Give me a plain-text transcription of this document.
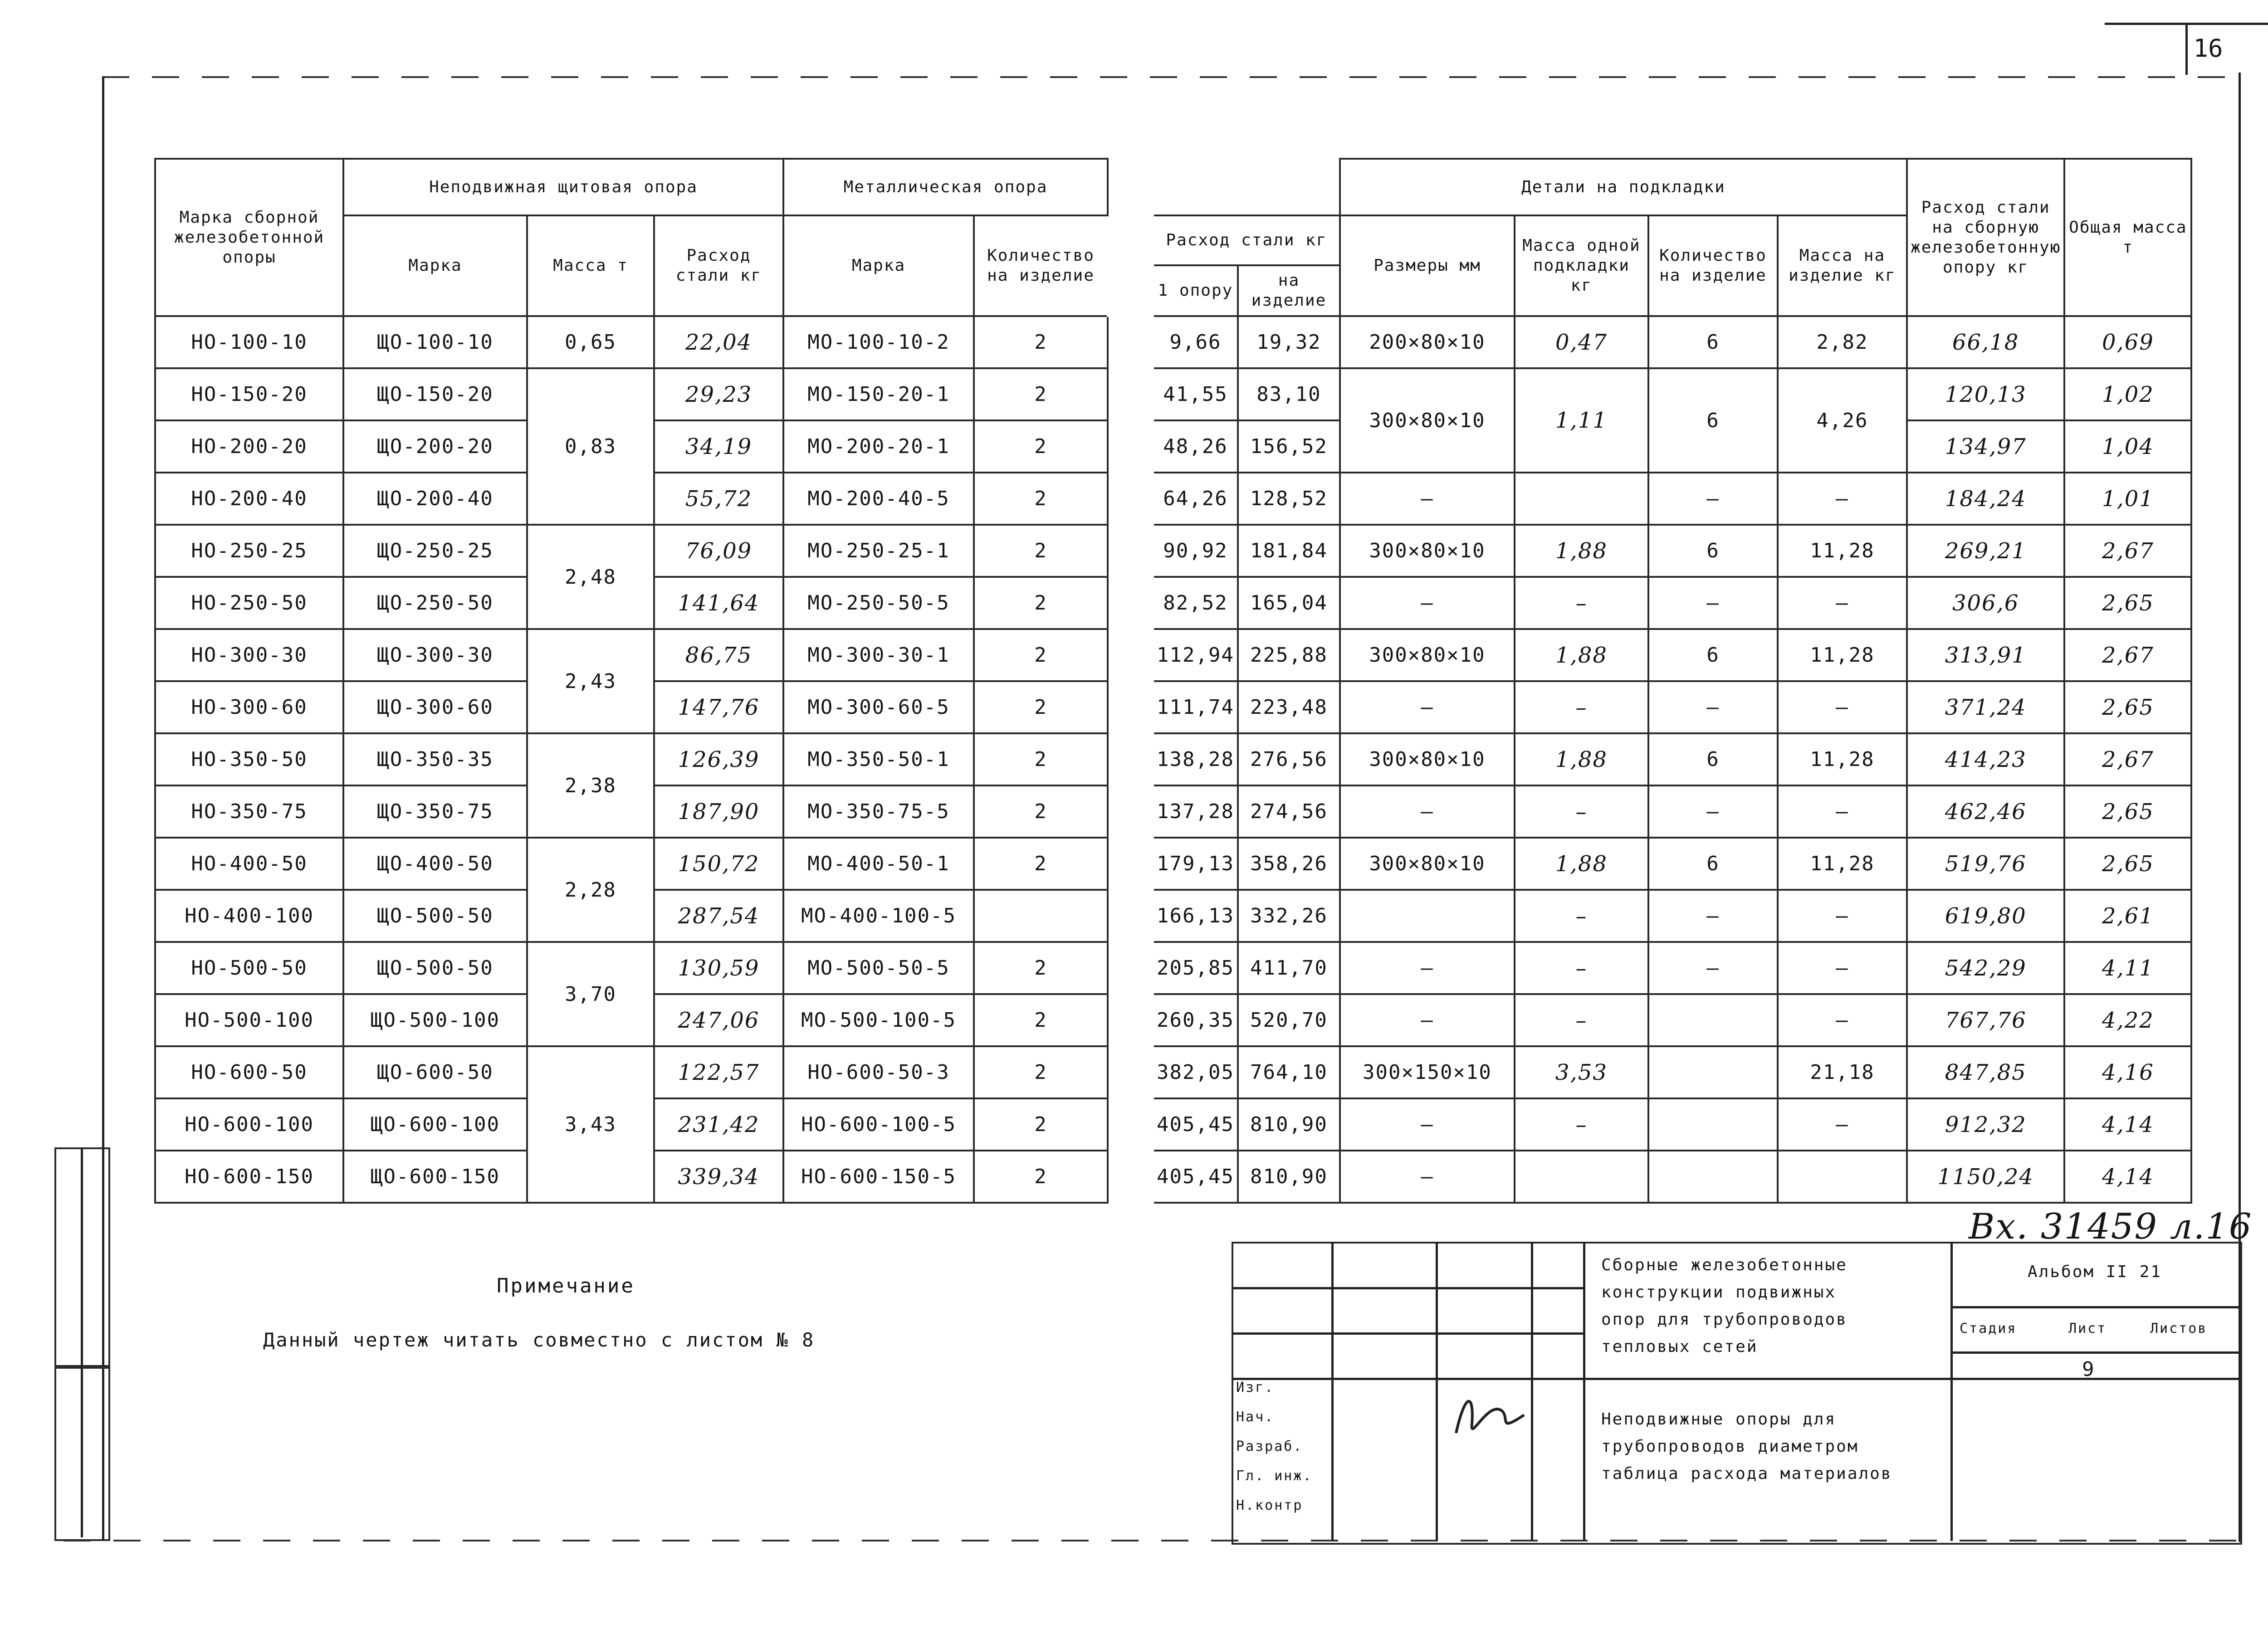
16
Марка сборной железобетонной опоры	Неподвижная щитовая опора			Металлическая опора					Детали на подкладки				Расход стали на сборную железобетонную опору кг	Общая масса т
	Марка	Масса т	Расход стали кг	Марка	Количество на изделие		Расход стали кг		Размеры мм	Масса одной подкладки кг	Количество на изделие	Масса на изделие кг		
							1 опору	на изделие						
НО-100-10	ЩО-100-10	0,65	22,04	МО-100-10-2	2		9,66	19,32	200×80×10	0,47	6	2,82	66,18	0,69
НО-150-20	ЩО-150-20	0,83	29,23	МО-150-20-1	2		41,55	83,10	300×80×10	1,11	6	4,26	120,13	1,02
НО-200-20	ЩО-200-20		34,19	МО-200-20-1	2		48,26	156,52					134,97	1,04
НО-200-40	ЩО-200-40		55,72	МО-200-40-5	2		64,26	128,52	–		–	–	184,24	1,01
НО-250-25	ЩО-250-25	2,48	76,09	МО-250-25-1	2		90,92	181,84	300×80×10	1,88	6	11,28	269,21	2,67
НО-250-50	ЩО-250-50		141,64	МО-250-50-5	2		82,52	165,04	–	–	–	–	306,6	2,65
НО-300-30	ЩО-300-30	2,43	86,75	МО-300-30-1	2		112,94	225,88	300×80×10	1,88	6	11,28	313,91	2,67
НО-300-60	ЩО-300-60		147,76	МО-300-60-5	2		111,74	223,48	–	–	–	–	371,24	2,65
НО-350-50	ЩО-350-35	2,38	126,39	МО-350-50-1	2		138,28	276,56	300×80×10	1,88	6	11,28	414,23	2,67
НО-350-75	ЩО-350-75		187,90	МО-350-75-5	2		137,28	274,56	–	–	–	–	462,46	2,65
НО-400-50	ЩО-400-50	2,28	150,72	МО-400-50-1	2		179,13	358,26	300×80×10	1,88	6	11,28	519,76	2,65
НО-400-100	ЩО-500-50		287,54	МО-400-100-5			166,13	332,26		–	–	–	619,80	2,61
НО-500-50	ЩО-500-50	3,70	130,59	МО-500-50-5	2		205,85	411,70	–	–	–	–	542,29	4,11
НО-500-100	ЩО-500-100		247,06	МО-500-100-5	2		260,35	520,70	–	–		–	767,76	4,22
НО-600-50	ЩО-600-50	3,43	122,57	НО-600-50-3	2		382,05	764,10	300×150×10	3,53		21,18	847,85	4,16
НО-600-100	ЩО-600-100		231,42	НО-600-100-5	2		405,45	810,90	–	–		–	912,32	4,14
НО-600-150	ЩО-600-150		339,34	НО-600-150-5	2		405,45	810,90	–				1150,24	4,14
Примечание
Данный чертеж читать совместно с листом № 8
Вх. 31459 л.16
Сборные железобетонные
конструкции подвижных
опор для трубопроводов
тепловых сетей
Неподвижные опоры для
трубопроводов диаметром
таблица расхода материалов
Альбом II 21
Стадия	Лист	Листов
9
Изг.
Нач.
Разраб.
Гл. инж.
Н.контр
